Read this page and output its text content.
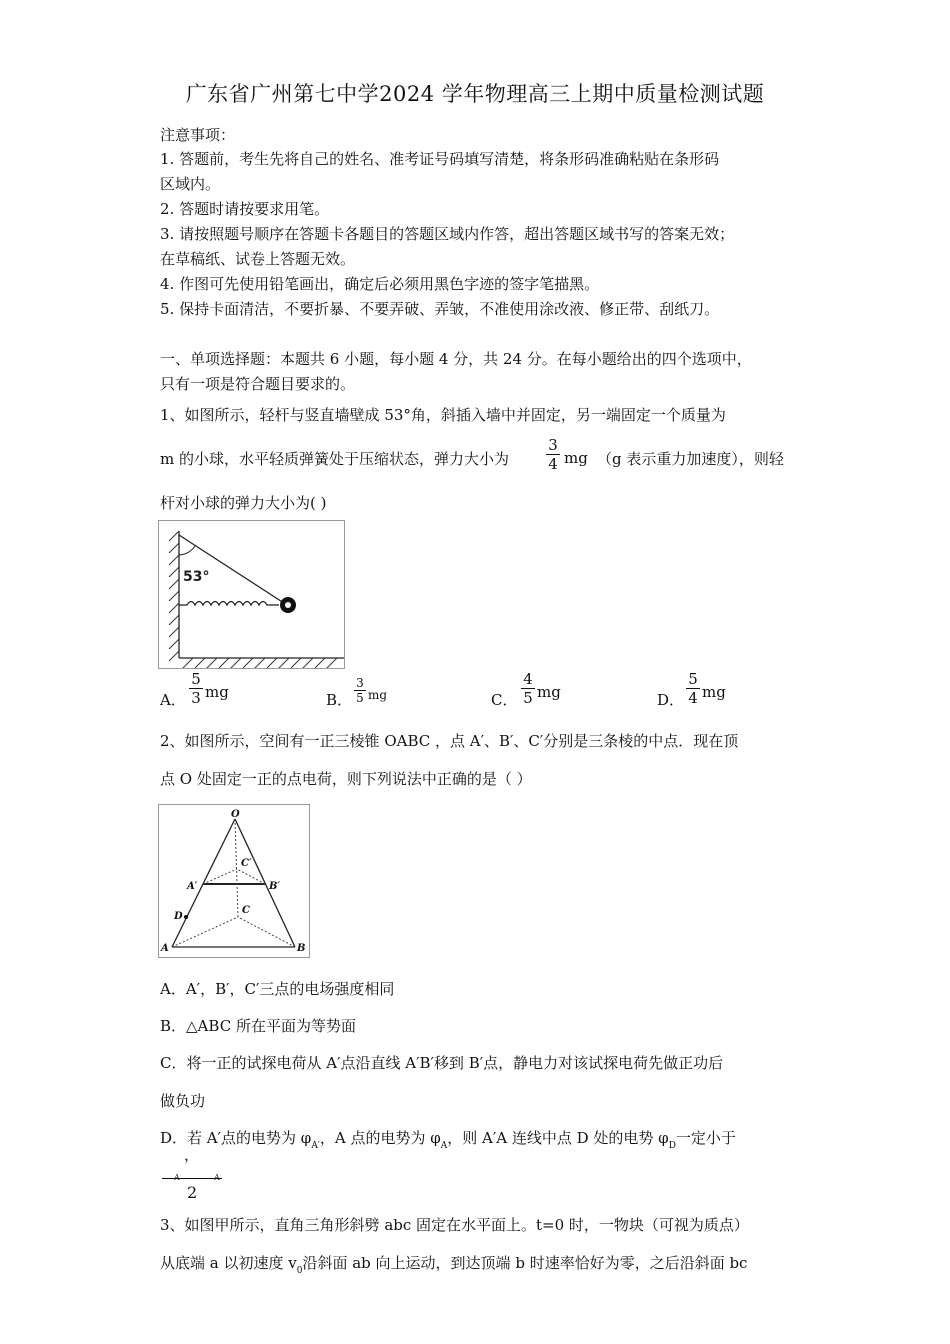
广东省广州第七中学2024 学年物理高三上期中质量检测试题
注意事项：
1. 答题前，考生先将自己的姓名、准考证号码填写清楚，将条形码准确粘贴在条形码
区域内。
2. 答题时请按要求用笔。
3. 请按照题号顺序在答题卡各题目的答题区域内作答，超出答题区域书写的答案无效；
在草稿纸、试卷上答题无效。
4. 作图可先使用铅笔画出，确定后必须用黑色字迹的签字笔描黑。
5. 保持卡面清洁，不要折暴、不要弄破、弄皱，不准使用涂改液、修正带、刮纸刀。
一、单项选择题：本题共 6 小题，每小题 4 分，共 24 分。在每小题给出的四个选项中，
只有一项是符合题目要求的。
1、如图所示，轻杆与竖直墙壁成 53°角，斜插入墙中并固定，另一端固定一个质量为
m 的小球，水平轻质弹簧处于压缩状态，弹力大小为
3
4 mg （g 表示重力加速度），则轻
杆对小球的弹力大小为( )
53°
A．
5
3 mg	B．
3
5 mg	C．
4
5 mg	D．
5
4 mg
2、如图所示，空间有一正三棱锥 OABC ，点 A′、B′、C′分别是三条棱的中点．现在顶
点 O 处固定一正的点电荷，则下列说法中正确的是（ ）
O
C′
A′	B′
C
D
A	B
A．A′，B′，C′三点的电场强度相同
B．△ABC 所在平面为等势面
C．将一正的试探电荷从 A′点沿直线 A′B′移到 B′点，静电力对该试探电荷先做正功后
做负功
D．若 A′点的电势为 $\varphi_{A'}$，A 点的电势为 $\varphi_A$，则 A′A 连线中点 D 处的电势 $\varphi_D$一定小于
，
A	A
2
3、如图甲所示，直角三角形斜劈 abc 固定在水平面上。t=0 时，一物块（可视为质点）
从底端 a 以初速度 $v_0$沿斜面 ab 向上运动，到达顶端 b 时速率恰好为零，之后沿斜面 bc
